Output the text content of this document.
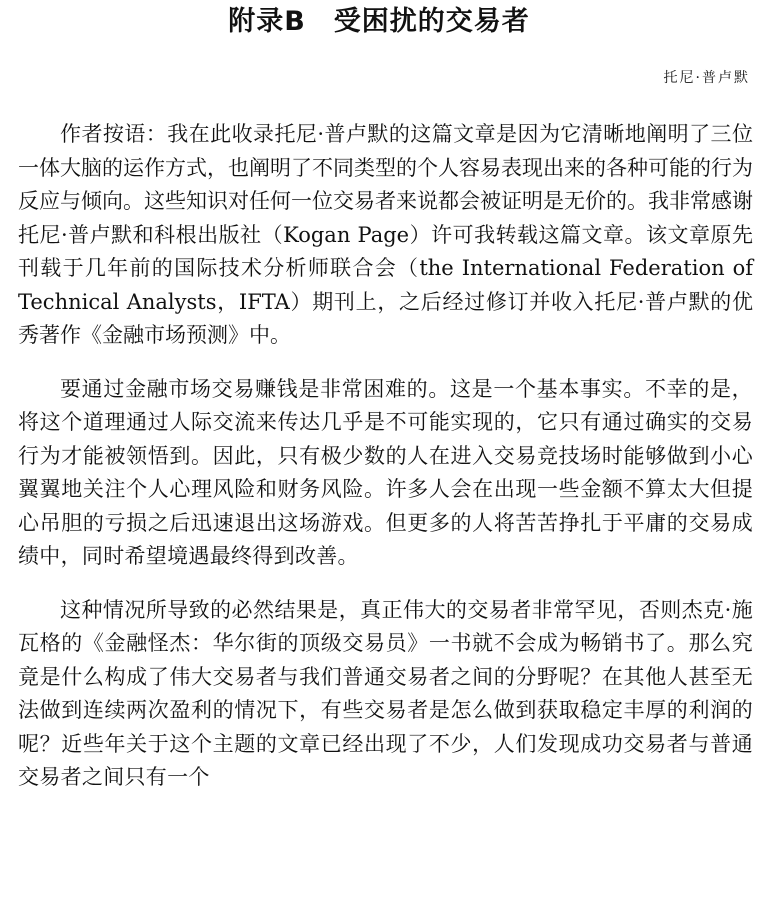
附录B　受困扰的交易者

托尼·普卢默

作者按语：我在此收录托尼·普卢默的这篇文章是因为它清晰地阐明了三位一体大脑的运作方式，也阐明了不同类型的个人容易表现出来的各种可能的行为反应与倾向。这些知识对任何一位交易者来说都会被证明是无价的。我非常感谢托尼·普卢默和科根出版社（Kogan Page）许可我转载这篇文章。该文章原先刊载于几年前的国际技术分析师联合会（the International Federation of Technical Analysts，IFTA）期刊上，之后经过修订并收入托尼·普卢默的优秀著作《金融市场预测》中。

要通过金融市场交易赚钱是非常困难的。这是一个基本事实。不幸的是，将这个道理通过人际交流来传达几乎是不可能实现的，它只有通过确实的交易行为才能被领悟到。因此，只有极少数的人在进入交易竞技场时能够做到小心翼翼地关注个人心理风险和财务风险。许多人会在出现一些金额不算太大但提心吊胆的亏损之后迅速退出这场游戏。但更多的人将苦苦挣扎于平庸的交易成绩中，同时希望境遇最终得到改善。

这种情况所导致的必然结果是，真正伟大的交易者非常罕见，否则杰克·施瓦格的《金融怪杰：华尔街的顶级交易员》一书就不会成为畅销书了。那么究竟是什么构成了伟大交易者与我们普通交易者之间的分野呢？在其他人甚至无法做到连续两次盈利的情况下，有些交易者是怎么做到获取稳定丰厚的利润的呢？近些年关于这个主题的文章已经出现了不少，人们发现成功交易者与普通交易者之间只有一个
